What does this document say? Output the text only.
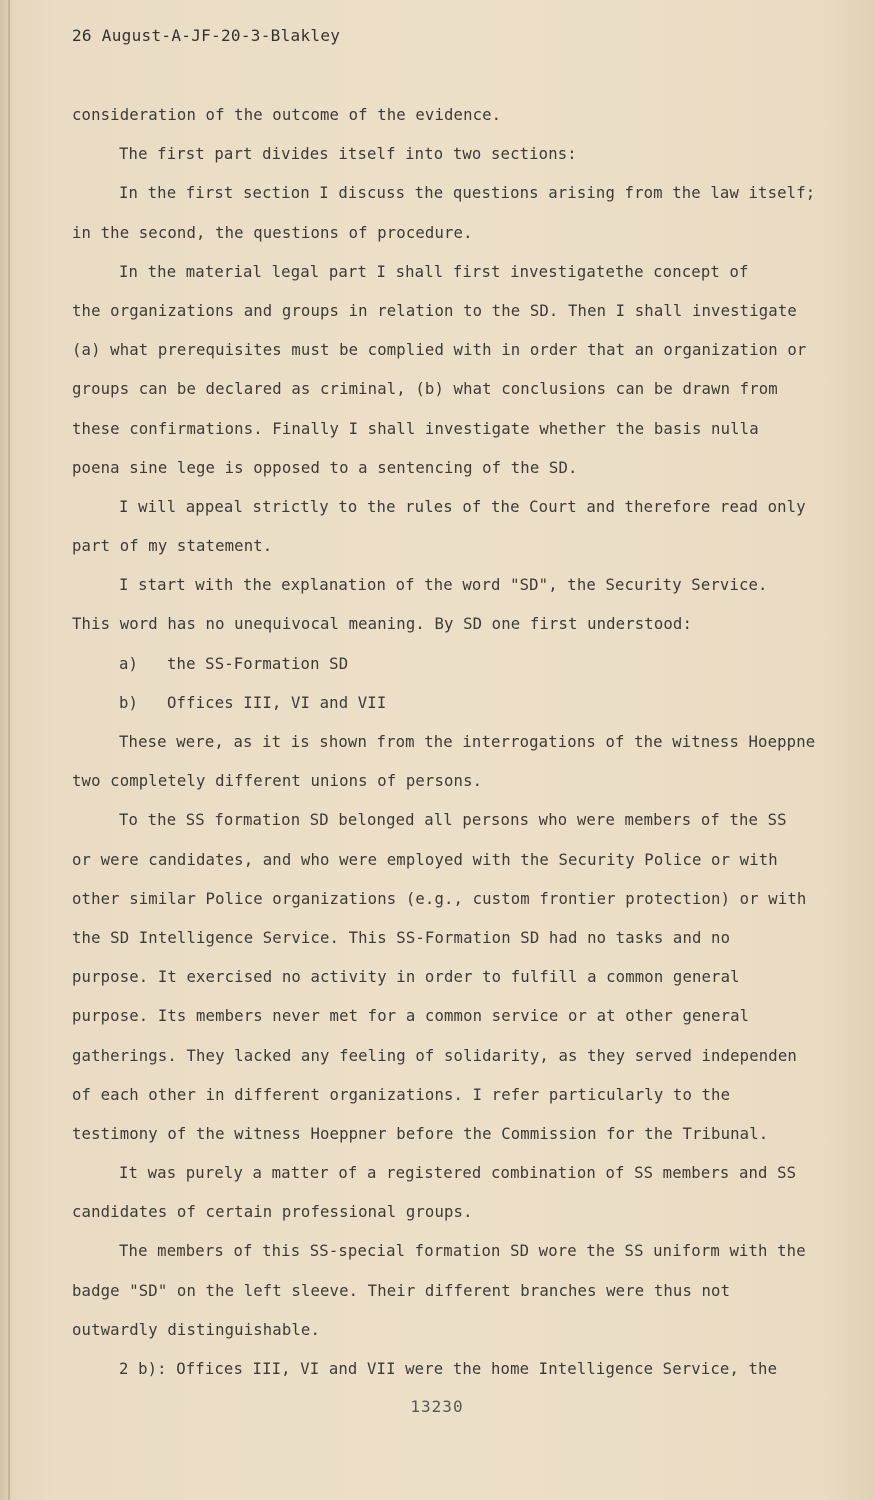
26 August-A-JF-20-3-Blakley
consideration of the outcome of the evidence.
The first part divides itself into two sections:
In the first section I discuss the questions arising from the law itself;
in the second, the questions of procedure.
In the material legal part I shall first investigatethe concept of
the organizations and groups in relation to the SD. Then I shall investigate
(a) what prerequisites must be complied with in order that an organization or
groups can be declared as criminal, (b) what conclusions can be drawn from
these confirmations. Finally I shall investigate whether the basis nulla
poena sine lege is opposed to a sentencing of the SD.
I will appeal strictly to the rules of the Court and therefore read only
part of my statement.
I start with the explanation of the word "SD", the Security Service.
This word has no unequivocal meaning. By SD one first understood:
a) the SS-Formation SD
b) Offices III, VI and VII
These were, as it is shown from the interrogations of the witness Hoeppne
two completely different unions of persons.
To the SS formation SD belonged all persons who were members of the SS
or were candidates, and who were employed with the Security Police or with
other similar Police organizations (e.g., custom frontier protection) or with
the SD Intelligence Service. This SS-Formation SD had no tasks and no
purpose. It exercised no activity in order to fulfill a common general
purpose. Its members never met for a common service or at other general
gatherings. They lacked any feeling of solidarity, as they served independen
of each other in different organizations. I refer particularly to the
testimony of the witness Hoeppner before the Commission for the Tribunal.
It was purely a matter of a registered combination of SS members and SS
candidates of certain professional groups.
The members of this SS-special formation SD wore the SS uniform with the
badge "SD" on the left sleeve. Their different branches were thus not
outwardly distinguishable.
2 b): Offices III, VI and VII were the home Intelligence Service, the
13230
